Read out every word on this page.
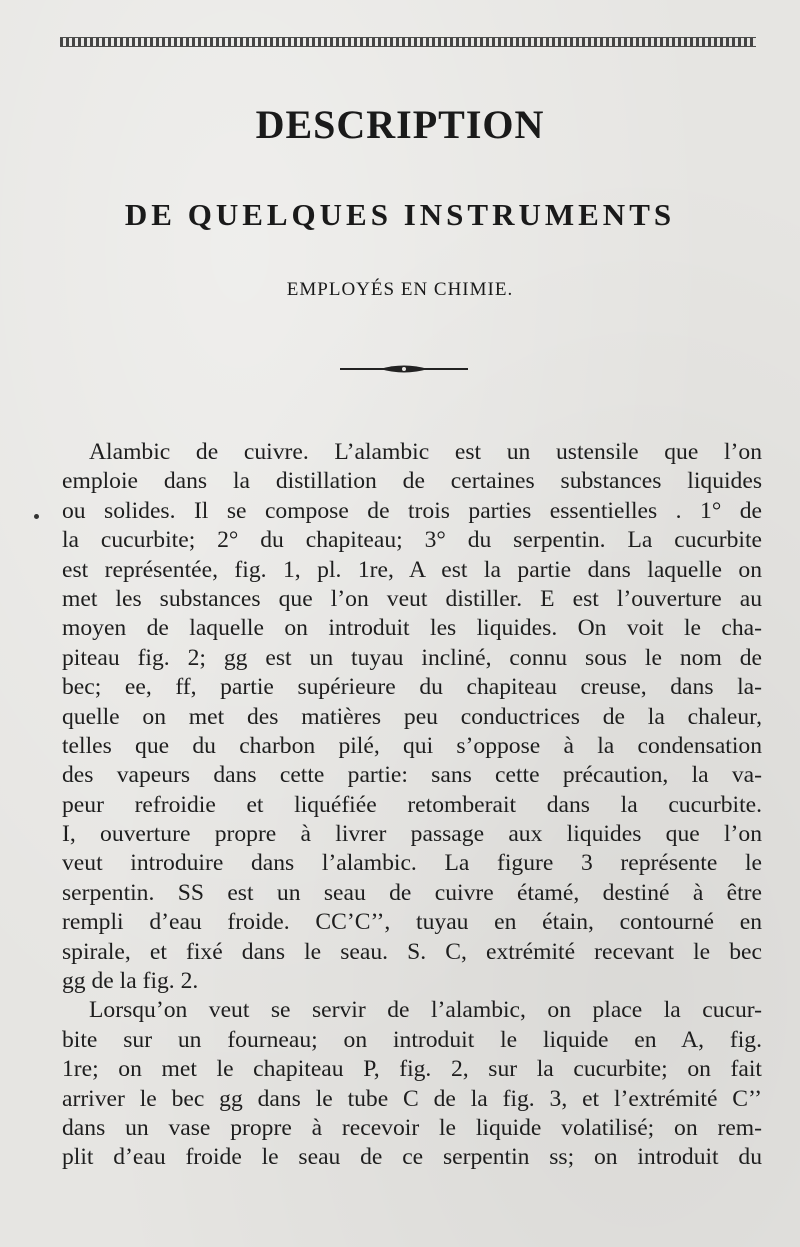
DESCRIPTION
DE QUELQUES INSTRUMENTS
EMPLOYÉS EN CHIMIE.
Alambic de cuivre. L’alambic est un ustensile que l’on
emploie dans la distillation de certaines substances liquides
ou solides. Il se compose de trois parties essentielles . 1° de
la cucurbite; 2° du chapiteau; 3° du serpentin. La cucurbite
est représentée, fig. 1, pl. 1re, A est la partie dans laquelle on
met les substances que l’on veut distiller. E est l’ouverture au
moyen de laquelle on introduit les liquides. On voit le cha-
piteau fig. 2; gg est un tuyau incliné, connu sous le nom de
bec; ee, ff, partie supérieure du chapiteau creuse, dans la-
quelle on met des matières peu conductrices de la chaleur,
telles que du charbon pilé, qui s’oppose à la condensation
des vapeurs dans cette partie: sans cette précaution, la va-
peur refroidie et liquéfiée retomberait dans la cucurbite.
I, ouverture propre à livrer passage aux liquides que l’on
veut introduire dans l’alambic. La figure 3 représente le
serpentin. SS est un seau de cuivre étamé, destiné à être
rempli d’eau froide. CC’C’’, tuyau en étain, contourné en
spirale, et fixé dans le seau. S. C, extrémité recevant le bec
gg de la fig. 2.
Lorsqu’on veut se servir de l’alambic, on place la cucur-
bite sur un fourneau; on introduit le liquide en A, fig.
1re; on met le chapiteau P, fig. 2, sur la cucurbite; on fait
arriver le bec gg dans le tube C de la fig. 3, et l’extrémité C’’
dans un vase propre à recevoir le liquide volatilisé; on rem-
plit d’eau froide le seau de ce serpentin ss; on introduit du
